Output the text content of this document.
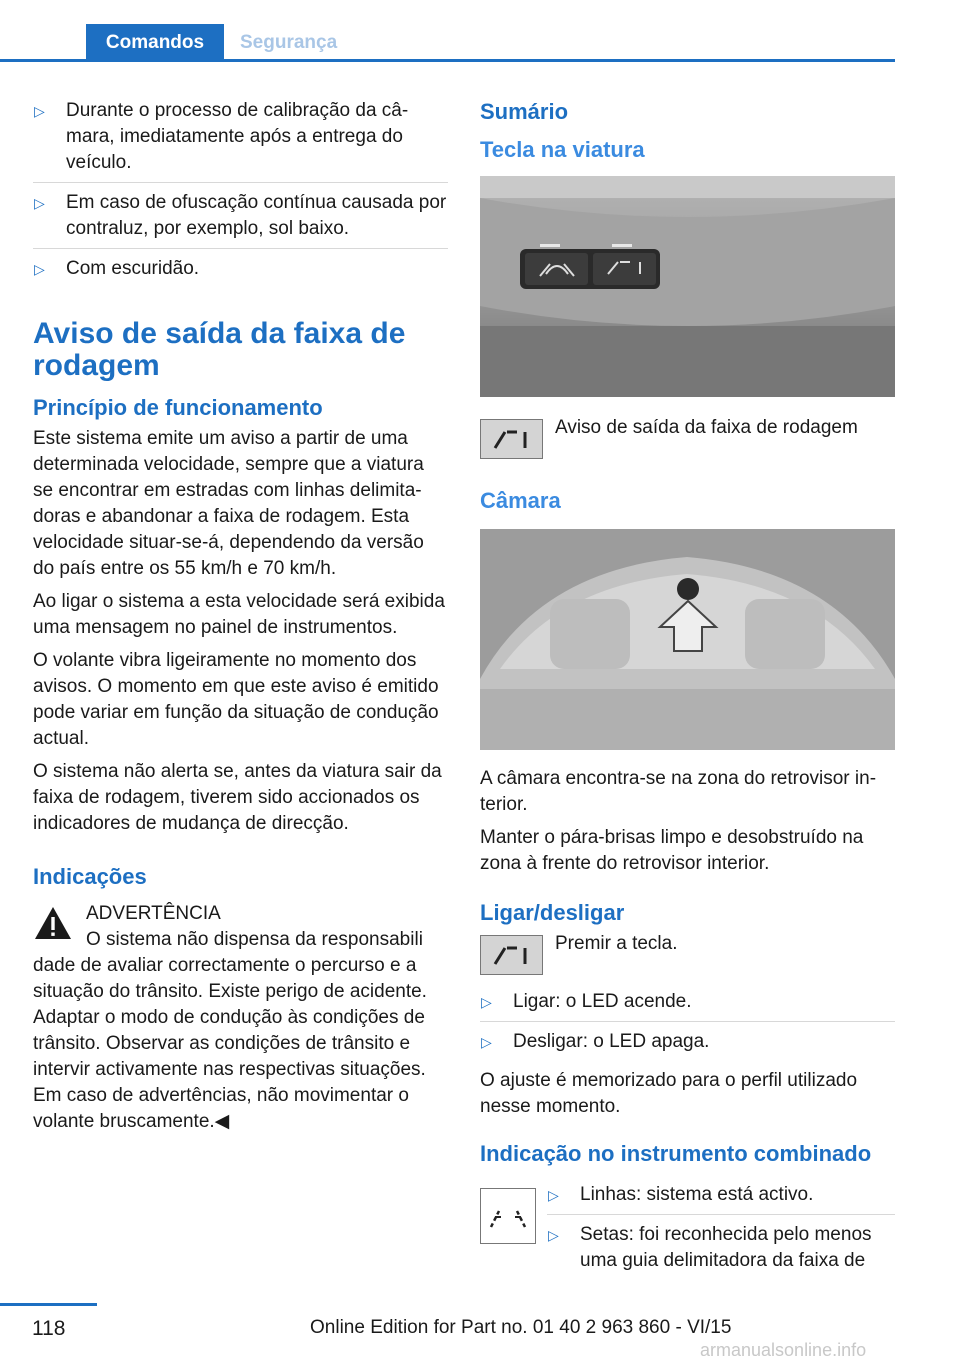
Comandos	Segurança
▷ Durante o processo de calibração da câmara, imediatamente após a entrega do veículo.
▷ Em caso de ofuscação contínua causada por contraluz, por exemplo, sol baixo.
▷ Com escuridão.
Aviso de saída da faixa de rodagem
Princípio de funcionamento

Este sistema emite um aviso a partir de uma determinada velocidade, sempre que a viatura se encontrar em estradas com linhas delimitadoras e abandonar a faixa de rodagem. Esta velocidade situar-se-á, dependendo da versão do país entre os 55 km/h e 70 km/h.

Ao ligar o sistema a esta velocidade será exibida uma mensagem no painel de instrumentos.

O volante vibra ligeiramente no momento dos avisos. O momento em que este aviso é emitido pode variar em função da situação de condução actual.

O sistema não alerta se, antes da viatura sair da faixa de rodagem, tiverem sido accionados os indicadores de mudança de direcção.

Indicações

ADVERTÊNCIA

O sistema não dispensa da responsabili

dade de avaliar correctamente o percurso e a situação do trânsito. Existe perigo de acidente. Adaptar o modo de condução às condições de trânsito. Observar as condições de trânsito e intervir activamente nas respectivas situações. Em caso de advertências, não movimentar o volante bruscamente.◀

Sumário
Tecla na viatura
Aviso de saída da faixa de rodagem
Câmara

A câmara encontra-se na zona do retrovisor interior.

Manter o pára-brisas limpo e desobstruído na zona à frente do retrovisor interior.

Ligar/desligar
Premir a tecla.
▷ Ligar: o LED acende.
▷ Desligar: o LED apaga.

O ajuste é memorizado para o perfil utilizado nesse momento.

Indicação no instrumento combinado
▷ Linhas: sistema está activo.
▷ Setas: foi reconhecida pelo menos uma guia delimitadora da faixa de
118	Online Edition for Part no. 01 40 2 963 860 - VI/15
armanualsonline.info
